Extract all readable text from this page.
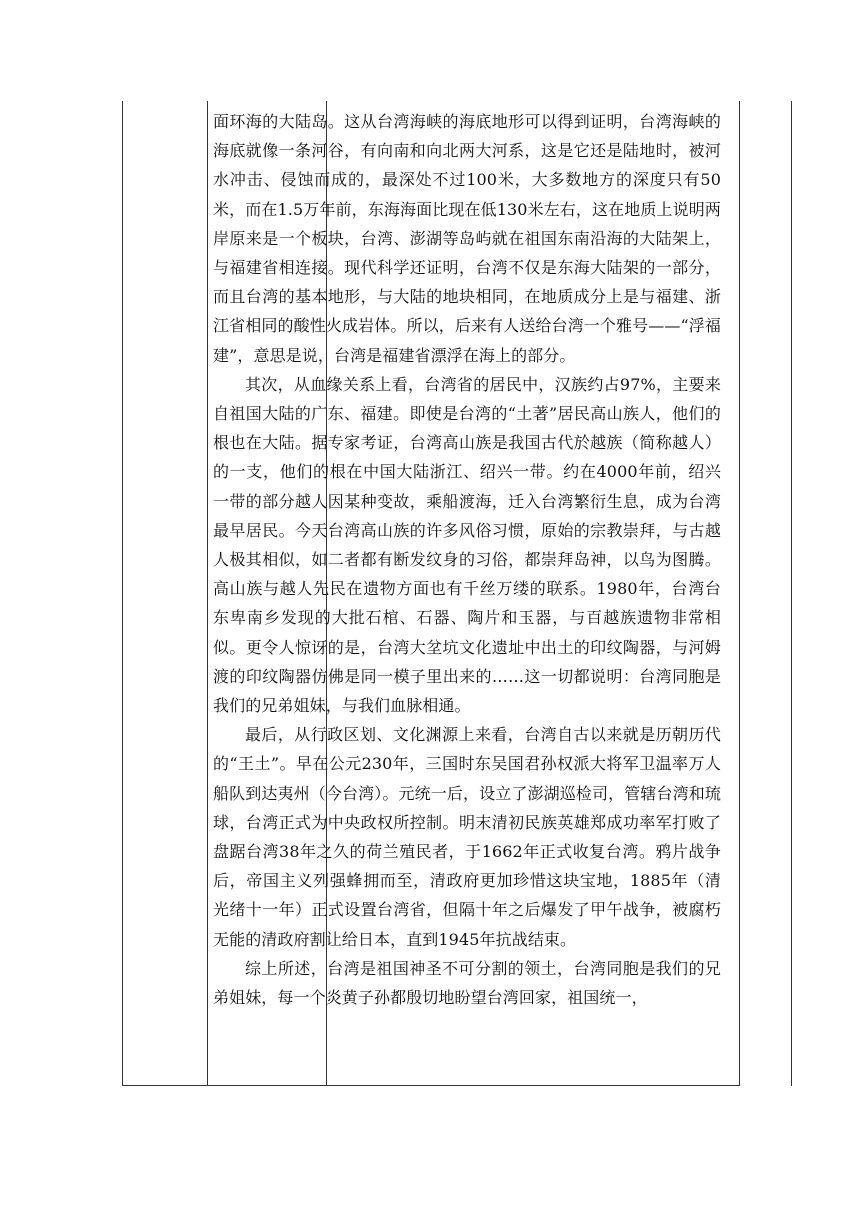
面环海的大陆岛。这从台湾海峡的海底地形可以得到证明，台湾海峡的海底就像一条河谷，有向南和向北两大河系，这是它还是陆地时，被河水冲击、侵蚀而成的，最深处不过100米，大多数地方的深度只有50米，而在1.5万年前，东海海面比现在低130米左右，这在地质上说明两岸原来是一个板块，台湾、澎湖等岛屿就在祖国东南沿海的大陆架上，与福建省相连接。现代科学还证明，台湾不仅是东海大陆架的一部分，而且台湾的基本地形，与大陆的地块相同，在地质成分上是与福建、浙江省相同的酸性火成岩体。所以，后来有人送给台湾一个雅号——“浮福建”，意思是说，台湾是福建省漂浮在海上的部分。

其次，从血缘关系上看，台湾省的居民中，汉族约占97%，主要来自祖国大陆的广东、福建。即使是台湾的“土著”居民高山族人，他们的根也在大陆。据专家考证，台湾高山族是我国古代於越族（简称越人）的一支，他们的根在中国大陆浙江、绍兴一带。约在4000年前，绍兴一带的部分越人因某种变故，乘船渡海，迁入台湾繁衍生息，成为台湾最早居民。今天台湾高山族的许多风俗习惯，原始的宗教崇拜，与古越人极其相似，如二者都有断发纹身的习俗，都崇拜岛神，以鸟为图腾。高山族与越人先民在遗物方面也有千丝万缕的联系。1980年，台湾台东卑南乡发现的大批石棺、石器、陶片和玉器，与百越族遗物非常相似。更令人惊讶的是，台湾大坌坑文化遗址中出土的印纹陶器，与河姆渡的印纹陶器仿佛是同一模子里出来的……这一切都说明：台湾同胞是我们的兄弟姐妹，与我们血脉相通。

最后，从行政区划、文化渊源上来看，台湾自古以来就是历朝历代的“王土”。早在公元230年，三国时东吴国君孙权派大将军卫温率万人船队到达夷州（今台湾）。元统一后，设立了澎湖巡检司，管辖台湾和琉球，台湾正式为中央政权所控制。明末清初民族英雄郑成功率军打败了盘踞台湾38年之久的荷兰殖民者，于1662年正式收复台湾。鸦片战争后，帝国主义列强蜂拥而至，清政府更加珍惜这块宝地，1885年（清光绪十一年）正式设置台湾省，但隔十年之后爆发了甲午战争，被腐朽无能的清政府割让给日本，直到1945年抗战结束。

综上所述，台湾是祖国神圣不可分割的领土，台湾同胞是我们的兄弟姐妹，每一个炎黄子孙都殷切地盼望台湾回家，祖国统一，
